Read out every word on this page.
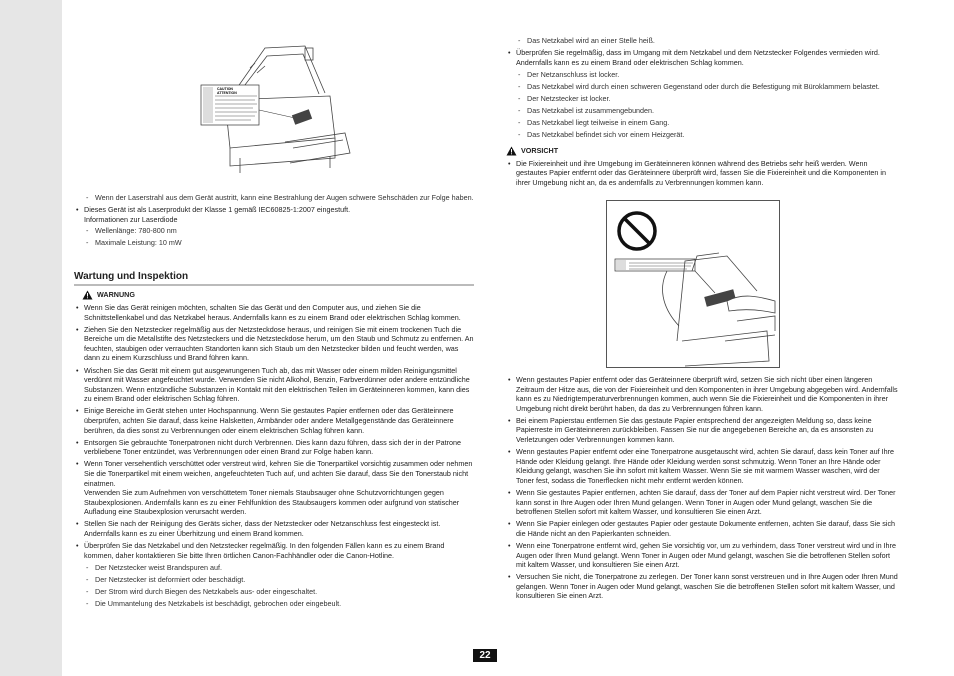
CAUTION
ATTENTION
- Wenn der Laserstrahl aus dem Gerät austritt, kann eine Bestrahlung der Augen schwere Sehschäden zur Folge haben.
• Dieses Gerät ist als Laserprodukt der Klasse 1 gemäß IEC60825-1:2007 eingestuft.
Informationen zur Laserdiode
- Wellenlänge: 780-800 nm
- Maximale Leistung: 10 mW
Wartung und Inspektion
WARNUNG
• Wenn Sie das Gerät reinigen möchten, schalten Sie das Gerät und den Computer aus, und ziehen Sie die Schnittstellenkabel und das Netzkabel heraus. Andernfalls kann es zu einem Brand oder elektrischen Schlag kommen.
• Ziehen Sie den Netzstecker regelmäßig aus der Netzsteckdose heraus, und reinigen Sie mit einem trockenen Tuch die Bereiche um die Metallstifte des Netzsteckers und die Netzsteckdose herum, um den Staub und Schmutz zu entfernen. An feuchten, staubigen oder verrauchten Standorten kann sich Staub um den Netzstecker bilden und feucht werden, was dann zu einem Kurzschluss und Brand führen kann.
• Wischen Sie das Gerät mit einem gut ausgewrungenen Tuch ab, das mit Wasser oder einem milden Reinigungsmittel verdünnt mit Wasser angefeuchtet wurde. Verwenden Sie nicht Alkohol, Benzin, Farbverdünner oder andere entzündliche Substanzen. Wenn entzündliche Substanzen in Kontakt mit den elektrischen Teilen im Geräteinneren kommen, kann dies zu einem Brand oder elektrischen Schlag führen.
• Einige Bereiche im Gerät stehen unter Hochspannung. Wenn Sie gestautes Papier entfernen oder das Geräteinnere überprüfen, achten Sie darauf, dass keine Halsketten, Armbänder oder andere Metallgegenstände das Geräteinnere berühren, da dies sonst zu Verbrennungen oder einem elektrischen Schlag führen kann.
• Entsorgen Sie gebrauchte Tonerpatronen nicht durch Verbrennen. Dies kann dazu führen, dass sich der in der Patrone verbliebene Toner entzündet, was Verbrennungen oder einen Brand zur Folge haben kann.
• Wenn Toner versehentlich verschüttet oder verstreut wird, kehren Sie die Tonerpartikel vorsichtig zusammen oder nehmen Sie die Tonerpartikel mit einem weichen, angefeuchteten Tuch auf, und achten Sie darauf, dass Sie den Tonerstaub nicht einatmen.
Verwenden Sie zum Aufnehmen von verschüttetem Toner niemals Staubsauger ohne Schutzvorrichtungen gegen Staubexplosionen. Andernfalls kann es zu einer Fehlfunktion des Staubsaugers kommen oder aufgrund von statischer Aufladung eine Staubexplosion verursacht werden.
• Stellen Sie nach der Reinigung des Geräts sicher, dass der Netzstecker oder Netzanschluss fest eingesteckt ist. Andernfalls kann es zu einer Überhitzung und einem Brand kommen.
• Überprüfen Sie das Netzkabel und den Netzstecker regelmäßig. In den folgenden Fällen kann es zu einem Brand kommen, daher kontaktieren Sie bitte Ihren örtlichen Canon-Fachhändler oder die Canon-Hotline.
- Der Netzstecker weist Brandspuren auf.
- Der Netzstecker ist deformiert oder beschädigt.
- Der Strom wird durch Biegen des Netzkabels aus- oder eingeschaltet.
- Die Ummantelung des Netzkabels ist beschädigt, gebrochen oder eingebeult.
- Das Netzkabel wird an einer Stelle heiß.
• Überprüfen Sie regelmäßig, dass im Umgang mit dem Netzkabel und dem Netzstecker Folgendes vermieden wird. Andernfalls kann es zu einem Brand oder elektrischen Schlag kommen.
- Der Netzanschluss ist locker.
- Das Netzkabel wird durch einen schweren Gegenstand oder durch die Befestigung mit Büroklammern belastet.
- Der Netzstecker ist locker.
- Das Netzkabel ist zusammengebunden.
- Das Netzkabel liegt teilweise in einem Gang.
- Das Netzkabel befindet sich vor einem Heizgerät.
VORSICHT
• Die Fixiereinheit und ihre Umgebung im Geräteinneren können während des Betriebs sehr heiß werden. Wenn gestautes Papier entfernt oder das Geräteinnere überprüft wird, fassen Sie die Fixiereinheit und die Komponenten in ihrer Umgebung nicht an, da es andernfalls zu Verbrennungen kommen kann.
• Wenn gestautes Papier entfernt oder das Geräteinnere überprüft wird, setzen Sie sich nicht über einen längeren Zeitraum der Hitze aus, die von der Fixiereinheit und den Komponenten in ihrer Umgebung abgegeben wird. Andernfalls kann es zu Niedrigtemperaturverbrennungen kommen, auch wenn Sie die Fixiereinheit und die Komponenten in ihrer Umgebung nicht direkt berührt haben, da das zu Verbrennungen führen kann.
• Bei einem Papierstau entfernen Sie das gestaute Papier entsprechend der angezeigten Meldung so, dass keine Papierreste im Geräteinneren zurückbleiben. Fassen Sie nur die angegebenen Bereiche an, da es ansonsten zu Verletzungen oder Verbrennungen kommen kann.
• Wenn gestautes Papier entfernt oder eine Tonerpatrone ausgetauscht wird, achten Sie darauf, dass kein Toner auf Ihre Hände oder Kleidung gelangt. Ihre Hände oder Kleidung werden sonst schmutzig. Wenn Toner an Ihre Hände oder Kleidung gelangt, waschen Sie ihn sofort mit kaltem Wasser. Wenn Sie sie mit warmem Wasser waschen, wird der Toner fest, sodass die Tonerflecken nicht mehr entfernt werden können.
• Wenn Sie gestautes Papier entfernen, achten Sie darauf, dass der Toner auf dem Papier nicht verstreut wird. Der Toner kann sonst in Ihre Augen oder Ihren Mund gelangen. Wenn Toner in Augen oder Mund gelangt, waschen Sie die betroffenen Stellen sofort mit kaltem Wasser, und konsultieren Sie einen Arzt.
• Wenn Sie Papier einlegen oder gestautes Papier oder gestaute Dokumente entfernen, achten Sie darauf, dass Sie sich die Hände nicht an den Papierkanten schneiden.
• Wenn eine Tonerpatrone entfernt wird, gehen Sie vorsichtig vor, um zu verhindern, dass Toner verstreut wird und in Ihre Augen oder Ihren Mund gelangt. Wenn Toner in Augen oder Mund gelangt, waschen Sie die betroffenen Stellen sofort mit kaltem Wasser, und konsultieren Sie einen Arzt.
• Versuchen Sie nicht, die Tonerpatrone zu zerlegen. Der Toner kann sonst verstreuen und in Ihre Augen oder Ihren Mund gelangen. Wenn Toner in Augen oder Mund gelangt, waschen Sie die betroffenen Stellen sofort mit kaltem Wasser, und konsultieren Sie einen Arzt.
22
